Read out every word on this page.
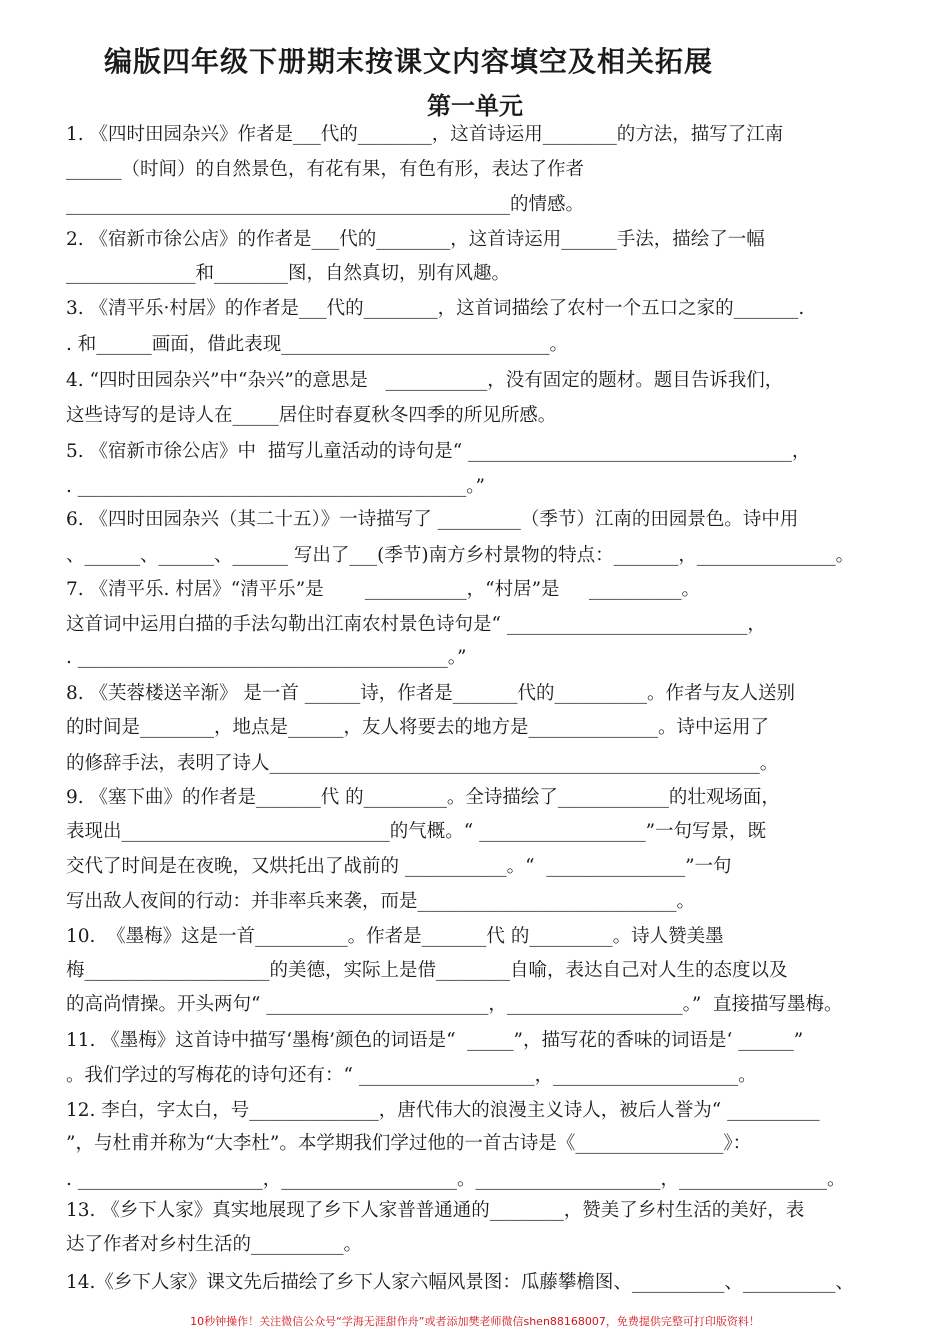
编版四年级下册期末按课文内容填空及相关拓展
第一单元
1. 《四时田园杂兴》作者是___代的________，这首诗运用________的方法，描写了江南
______（时间）的自然景色，有花有果，有色有形，表达了作者
________________________________________________的情感。
2. 《宿新市徐公店》的作者是___代的________，这首诗运用______手法，描绘了一幅
______________和________图，自然真切，别有风趣。
3. 《清平乐·村居》的作者是___代的________，这首词描绘了农村一个五口之家的_______.
. 和______画面，借此表现_____________________________。
4. “四时田园杂兴”中“杂兴”的意思是   ___________，没有固定的题材。题目告诉我们，
这些诗写的是诗人在_____居住时春夏秋冬四季的所见所感。
5. 《宿新市徐公店》中  描写儿童活动的诗句是“ ___________________________________，
. __________________________________________。”
6. 《四时田园杂兴（其二十五）》一诗描写了 _________（季节）江南的田园景色。诗中用
、______、______、______ 写出了___(季节)南方乡村景物的特点：_______，_______________。
7. 《清平乐. 村居》“清平乐”是       ___________，“村居”是     __________。
这首词中运用白描的手法勾勒出江南农村景色诗句是“ __________________________，
. ________________________________________。”
8. 《芙蓉楼送辛渐》 是一首 ______诗，作者是_______代的__________。作者与友人送别
的时间是________，地点是______，友人将要去的地方是______________。诗中运用了
的修辞手法，表明了诗人_____________________________________________________。
9. 《塞下曲》的作者是_______代 的_________。全诗描绘了____________的壮观场面，
表现出_____________________________的气概。“ __________________”一句写景，既
交代了时间是在夜晚，又烘托出了战前的 ___________。“  _______________”一句
写出敌人夜间的行动：并非率兵来袭，而是____________________________。
10.  《墨梅》这是一首__________。作者是_______代 的_________。诗人赞美墨
梅____________________的美德，实际上是借________自喻，表达自己对人生的态度以及
的高尚情操。开头两句“ ________________________，___________________。”  直接描写墨梅。
11. 《墨梅》这首诗中描写‘墨梅’颜色的词语是“  _____”，描写花的香味的词语是‘ ______”
。我们学过的写梅花的诗句还有：“ ___________________，____________________。
12. 李白，字太白，号______________，唐代伟大的浪漫主义诗人，被后人誉为“ __________
”，与杜甫并称为“大李杜”。本学期我们学过他的一首古诗是《________________》：
. ____________________，___________________。____________________，________________。
13. 《乡下人家》真实地展现了乡下人家普普通通的________，赞美了乡村生活的美好，表
达了作者对乡村生活的__________。
14.《乡下人家》课文先后描绘了乡下人家六幅风景图：瓜藤攀檐图、__________、__________、
10秒钟操作！关注微信公众号“学海无涯甜作舟”或者添加樊老师微信shen88168007，免费提供完整可打印版资料！
